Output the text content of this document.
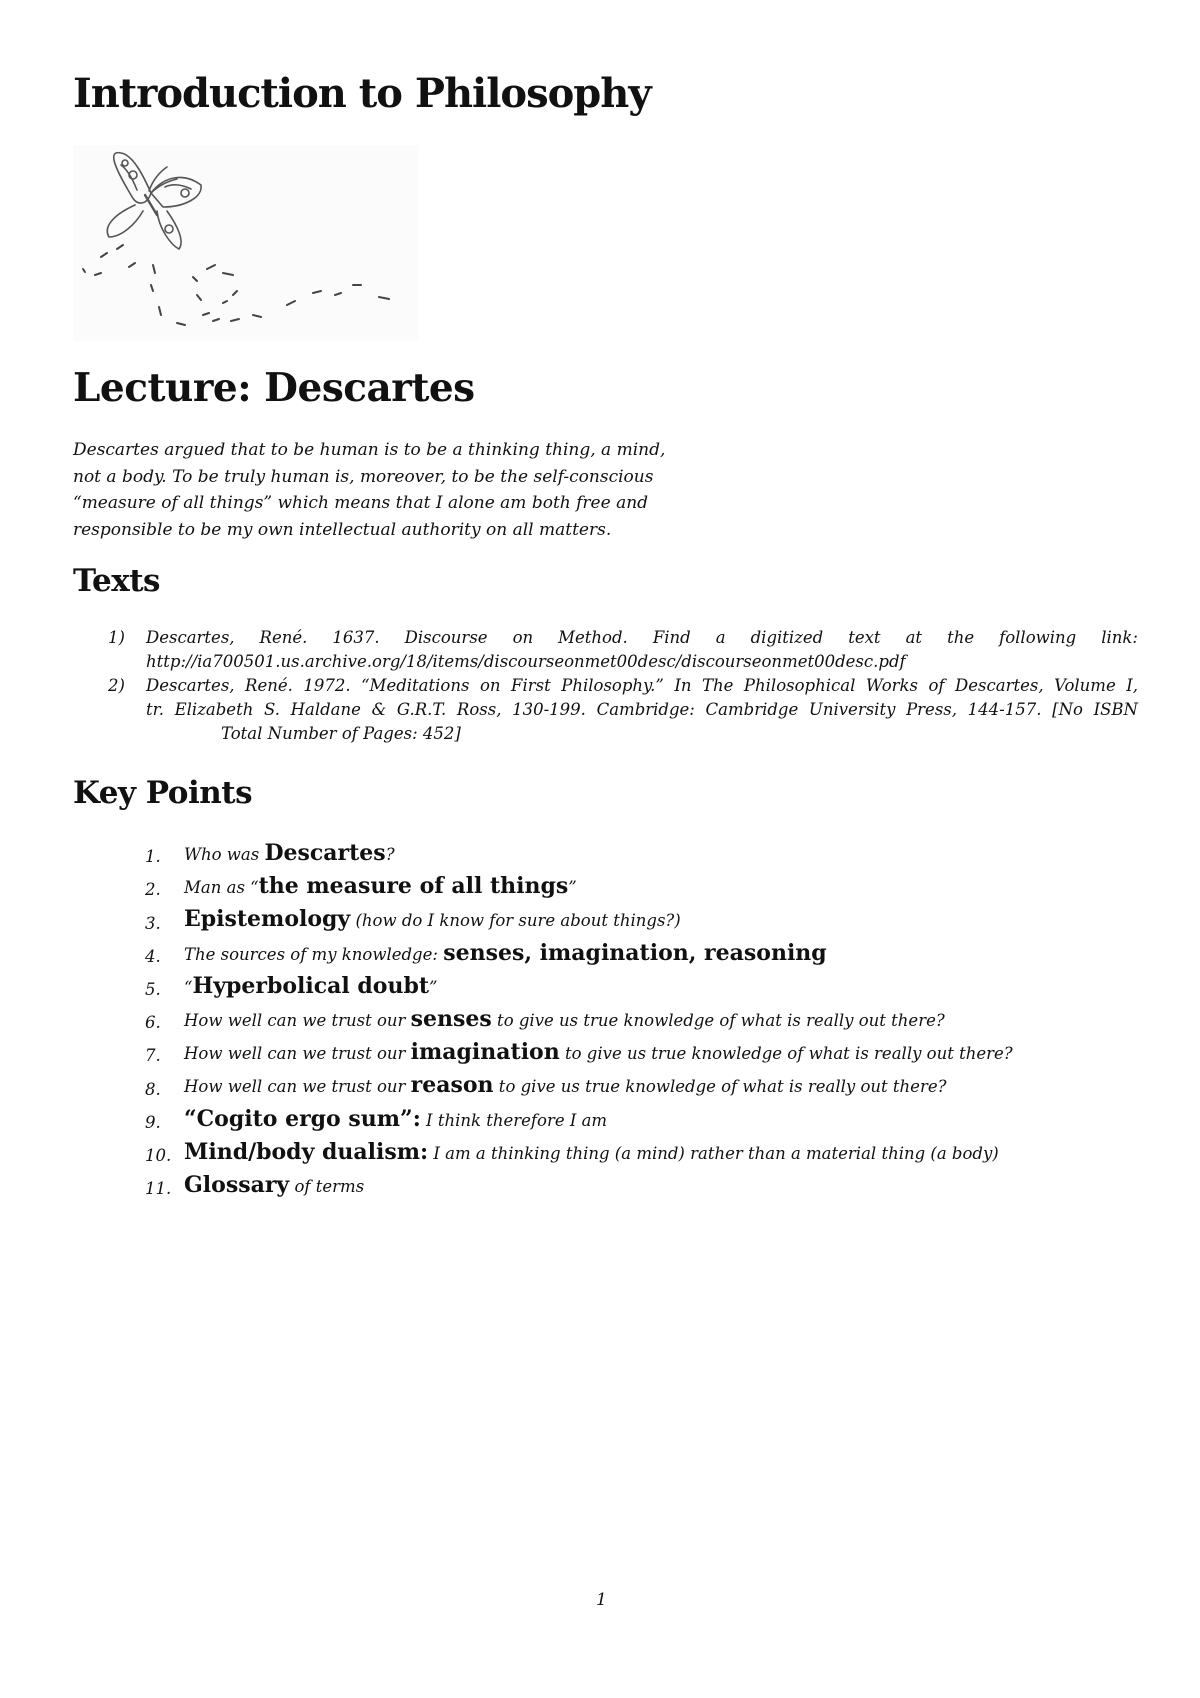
Introduction to Philosophy
Lecture: Descartes

Descartes argued that to be human is to be a thinking thing, a mind,
not a body. To be truly human is, moreover, to be the self-conscious
“measure of all things” which means that I alone am both free and
responsible to be my own intellectual authority on all matters.

Texts
1) Descartes, René. 1637. Discourse on Method. Find a digitized text at the following link:
http://ia700501.us.archive.org/18/items/discourseonmet00desc/discourseonmet00desc.pdf
2) Descartes, René. 1972. “Meditations on First Philosophy.” In The Philosophical Works of Descartes, Volume I,
tr. Elizabeth S. Haldane & G.R.T. Ross, 130-199. Cambridge: Cambridge University Press, 144-157. [No ISBN
Total Number of Pages: 452]
Key Points
1. Who was Descartes?
2. Man as “the measure of all things”
3. Epistemology (how do I know for sure about things?)
4. The sources of my knowledge: senses, imagination, reasoning
5. “Hyperbolical doubt”
6. How well can we trust our senses to give us true knowledge of what is really out there?
7. How well can we trust our imagination to give us true knowledge of what is really out there?
8. How well can we trust our reason to give us true knowledge of what is really out there?
9. “Cogito ergo sum”: I think therefore I am
10. Mind/body dualism: I am a thinking thing (a mind) rather than a material thing (a body)
11. Glossary of terms
1
